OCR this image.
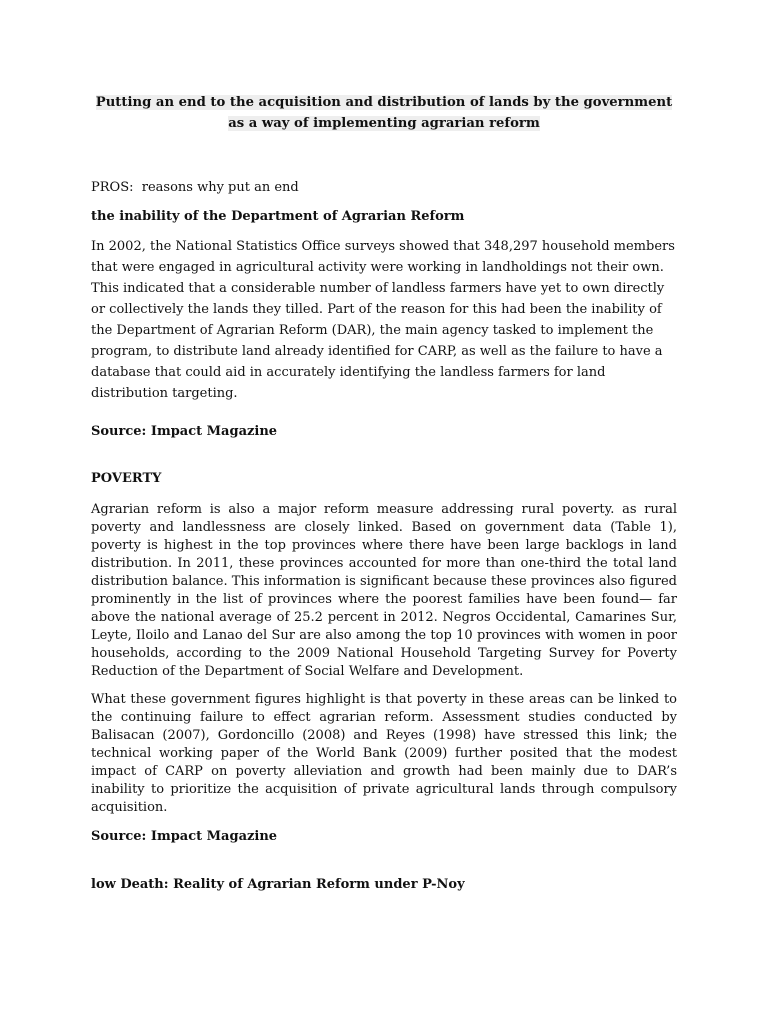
Putting an end to the acquisition and distribution of lands by the government as a way of implementing agrarian reform
PROS:  reasons why put an end
the inability of the Department of Agrarian Reform
In 2002, the National Statistics Office surveys showed that 348,297 household members that were engaged in agricultural activity were working in landholdings not their own. This indicated that a considerable number of landless farmers have yet to own directly or collectively the lands they tilled. Part of the reason for this had been the inability of the Department of Agrarian Reform (DAR), the main agency tasked to implement the program, to distribute land already identified for CARP, as well as the failure to have a database that could aid in accurately identifying the landless farmers for land distribution targeting.
Source: Impact Magazine
POVERTY
Agrarian reform is also a major reform measure addressing rural poverty. as rural poverty and landlessness are closely linked. Based on government data (Table 1), poverty is highest in the top provinces where there have been large backlogs in land distribution. In 2011, these provinces accounted for more than one-third the total land distribution balance. This information is significant because these provinces also figured prominently in the list of provinces where the poorest families have been found— far above the national average of 25.2 percent in 2012. Negros Occidental, Camarines Sur, Leyte, Iloilo and Lanao del Sur are also among the top 10 provinces with women in poor households, according to the 2009 National Household Targeting Survey for Poverty Reduction of the Department of Social Welfare and Development.
What these government figures highlight is that poverty in these areas can be linked to the continuing failure to effect agrarian reform. Assessment studies conducted by Balisacan (2007), Gordoncillo (2008) and Reyes (1998) have stressed this link; the technical working paper of the World Bank (2009) further posited that the modest impact of CARP on poverty alleviation and growth had been mainly due to DAR’s inability to prioritize the acquisition of private agricultural lands through compulsory acquisition.
Source: Impact Magazine
low Death: Reality of Agrarian Reform under P-Noy
